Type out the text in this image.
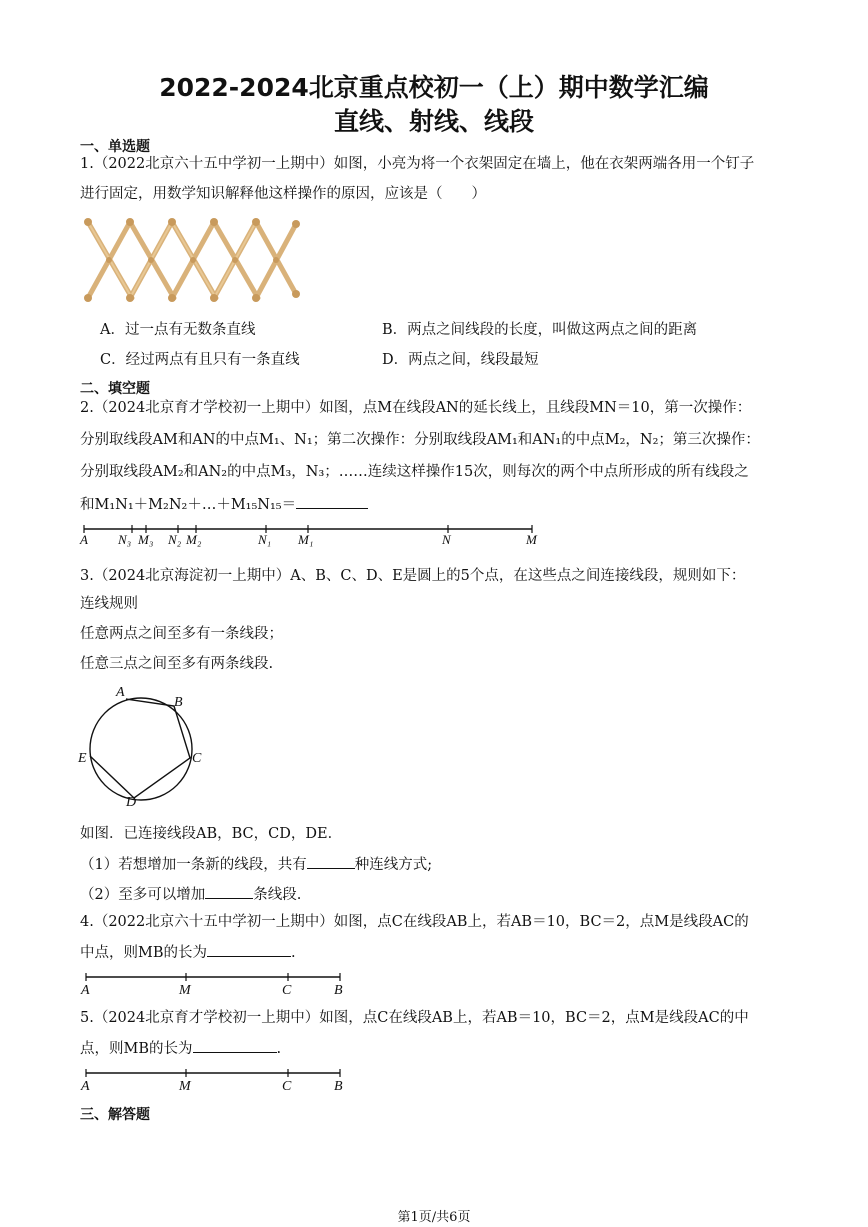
2022-2024北京重点校初一（上）期中数学汇编
直线、射线、线段
一、单选题
1.（2022北京六十五中学初一上期中）如图，小亮为将一个衣架固定在墙上，他在衣架两端各用一个钉子
进行固定，用数学知识解释他这样操作的原因，应该是（　　）
A．过一点有无数条直线	B．两点之间线段的长度，叫做这两点之间的距离
C．经过两点有且只有一条直线	D．两点之间，线段最短
二、填空题
2.（2024北京育才学校初一上期中）如图，点M在线段AN的延长线上，且线段MN＝10，第一次操作：
分别取线段AM和AN的中点M₁、N₁；第二次操作：分别取线段AM₁和AN₁的中点M₂，N₂；第三次操作：
分别取线段AM₂和AN₂的中点M₃，N₃；……连续这样操作15次，则每次的两个中点所形成的所有线段之
和M₁N₁＋M₂N₂＋…＋M₁₅N₁₅＝
A N₃ M₃ N₂ M₂	N₁ M₁	N	M
3.（2024北京海淀初一上期中）A、B、C、D、E是圆上的5个点，在这些点之间连接线段，规则如下：
连线规则
任意两点之间至多有一条线段；
任意三点之间至多有两条线段.
A
B
C
D
E
如图．已连接线段AB，BC，CD，DE．
（1）若想增加一条新的线段，共有	种连线方式;
（2）至多可以增加	条线段.
4.（2022北京六十五中学初一上期中）如图，点C在线段AB上，若AB＝10，BC＝2，点M是线段AC的
中点，则MB的长为	.
A	M	C	B
5.（2024北京育才学校初一上期中）如图，点C在线段AB上，若AB＝10，BC＝2，点M是线段AC的中
点，则MB的长为	.
A	M	C	B
三、解答题
第1页/共6页
